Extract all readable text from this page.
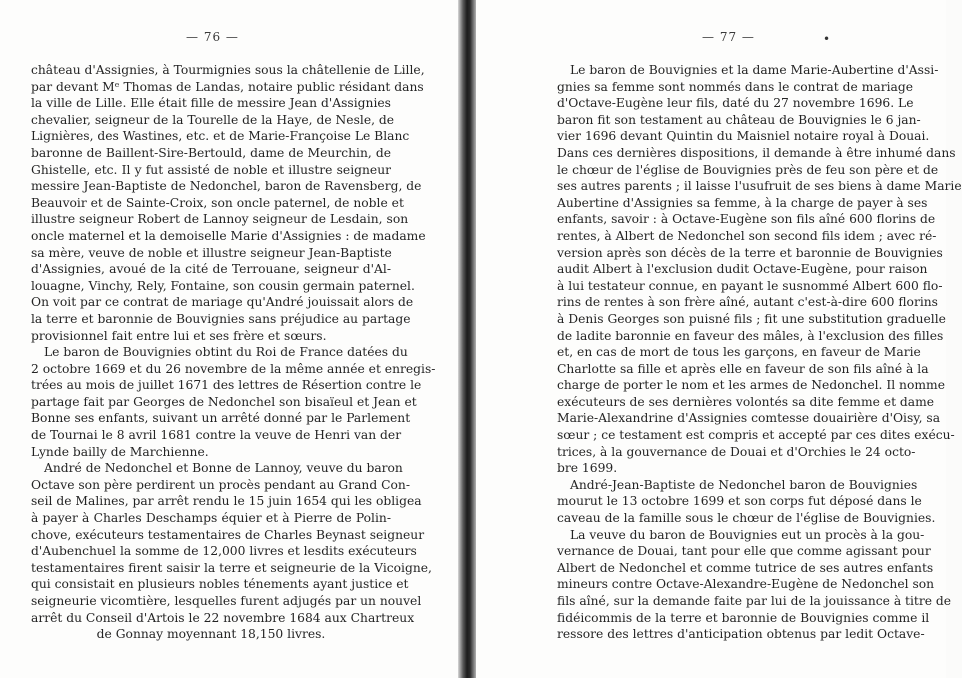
— 76 —
château d'Assignies, à Tourmignies sous la châtellenie de Lille,
par devant Mᵉ Thomas de Landas, notaire public résidant dans
la ville de Lille. Elle était fille de messire Jean d'Assignies
chevalier, seigneur de la Tourelle de la Haye, de Nesle, de
Lignières, des Wastines, etc. et de Marie-Françoise Le Blanc
baronne de Baillent-Sire-Bertould, dame de Meurchin, de
Ghistelle, etc. Il y fut assisté de noble et illustre seigneur
messire Jean-Baptiste de Nedonchel, baron de Ravensberg, de
Beauvoir et de Sainte-Croix, son oncle paternel, de noble et
illustre seigneur Robert de Lannoy seigneur de Lesdain, son
oncle maternel et la demoiselle Marie d'Assignies : de madame
sa mère, veuve de noble et illustre seigneur Jean-Baptiste
d'Assignies, avoué de la cité de Terrouane, seigneur d'Al-
louagne, Vinchy, Rely, Fontaine, son cousin germain paternel.
On voit par ce contrat de mariage qu'André jouissait alors de
la terre et baronnie de Bouvignies sans préjudice au partage
provisionnel fait entre lui et ses frère et sœurs.
Le baron de Bouvignies obtint du Roi de France datées du
2 octobre 1669 et du 26 novembre de la même année et enregis-
trées au mois de juillet 1671 des lettres de Résertion contre le
partage fait par Georges de Nedonchel son bisaïeul et Jean et
Bonne ses enfants, suivant un arrêté donné par le Parlement
de Tournai le 8 avril 1681 contre la veuve de Henri van der
Lynde bailly de Marchienne.
André de Nedonchel et Bonne de Lannoy, veuve du baron
Octave son père perdirent un procès pendant au Grand Con-
seil de Malines, par arrêt rendu le 15 juin 1654 qui les obligea
à payer à Charles Deschamps équier et à Pierre de Polin-
chove, exécuteurs testamentaires de Charles Beynast seigneur
d'Aubenchuel la somme de 12,000 livres et lesdits exécuteurs
testamentaires firent saisir la terre et seigneurie de la Vicoigne,
qui consistait en plusieurs nobles ténements ayant justice et
seigneurie vicomtière, lesquelles furent adjugés par un nouvel
arrêt du Conseil d'Artois le 22 novembre 1684 aux Chartreux
de Gonnay moyennant 18,150 livres.
— 77 —	•
Le baron de Bouvignies et la dame Marie-Aubertine d'Assi-
gnies sa femme sont nommés dans le contrat de mariage
d'Octave-Eugène leur fils, daté du 27 novembre 1696. Le
baron fit son testament au château de Bouvignies le 6 jan-
vier 1696 devant Quintin du Maisniel notaire royal à Douai.
Dans ces dernières dispositions, il demande à être inhumé dans
le chœur de l'église de Bouvignies près de feu son père et de
ses autres parents ; il laisse l'usufruit de ses biens à dame Marie
Aubertine d'Assignies sa femme, à la charge de payer à ses
enfants, savoir : à Octave-Eugène son fils aîné 600 florins de
rentes, à Albert de Nedonchel son second fils idem ; avec ré-
version après son décès de la terre et baronnie de Bouvignies
audit Albert à l'exclusion dudit Octave-Eugène, pour raison
à lui testateur connue, en payant le susnommé Albert 600 flo-
rins de rentes à son frère aîné, autant c'est-à-dire 600 florins
à Denis Georges son puisné fils ; fit une substitution graduelle
de ladite baronnie en faveur des mâles, à l'exclusion des filles
et, en cas de mort de tous les garçons, en faveur de Marie
Charlotte sa fille et après elle en faveur de son fils aîné à la
charge de porter le nom et les armes de Nedonchel. Il nomme
exécuteurs de ses dernières volontés sa dite femme et dame
Marie-Alexandrine d'Assignies comtesse douairière d'Oisy, sa
sœur ; ce testament est compris et accepté par ces dites exécu-
trices, à la gouvernance de Douai et d'Orchies le 24 octo-
bre 1699.
André-Jean-Baptiste de Nedonchel baron de Bouvignies
mourut le 13 octobre 1699 et son corps fut déposé dans le
caveau de la famille sous le chœur de l'église de Bouvignies.
La veuve du baron de Bouvignies eut un procès à la gou-
vernance de Douai, tant pour elle que comme agissant pour
Albert de Nedonchel et comme tutrice de ses autres enfants
mineurs contre Octave-Alexandre-Eugène de Nedonchel son
fils aîné, sur la demande faite par lui de la jouissance à titre de
fidéicommis de la terre et baronnie de Bouvignies comme il
ressore des lettres d'anticipation obtenus par ledit Octave-
